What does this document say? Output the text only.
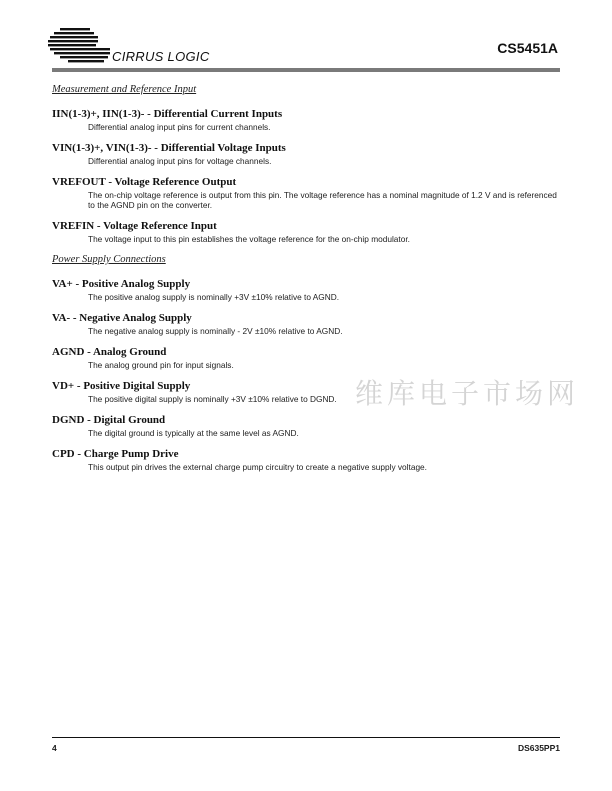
CIRRUS LOGIC
CS5451A

Measurement and Reference Input

IIN(1-3)+, IIN(1-3)- - Differential Current Inputs

Differential analog input pins for current channels.

VIN(1-3)+, VIN(1-3)- - Differential Voltage Inputs

Differential analog input pins for voltage channels.

VREFOUT - Voltage Reference Output

The on-chip voltage reference is output from this pin. The voltage reference has a nominal magnitude of 1.2 V and is referenced to the AGND pin on the converter.

VREFIN - Voltage Reference Input

The voltage input to this pin establishes the voltage reference for the on-chip modulator.

Power Supply Connections

VA+ - Positive Analog Supply

The positive analog supply is nominally +3V ±10% relative to AGND.

VA- - Negative Analog Supply

The negative analog supply is nominally - 2V ±10% relative to AGND.

AGND - Analog Ground

The analog ground pin for input signals.

VD+ - Positive Digital Supply

The positive digital supply is nominally +3V ±10% relative to DGND.

DGND - Digital Ground

The digital ground is typically at the same level as AGND.

CPD - Charge Pump Drive

This output pin drives the external charge pump circuitry to create a negative supply voltage.

维库电子市场网
4	DS635PP1
